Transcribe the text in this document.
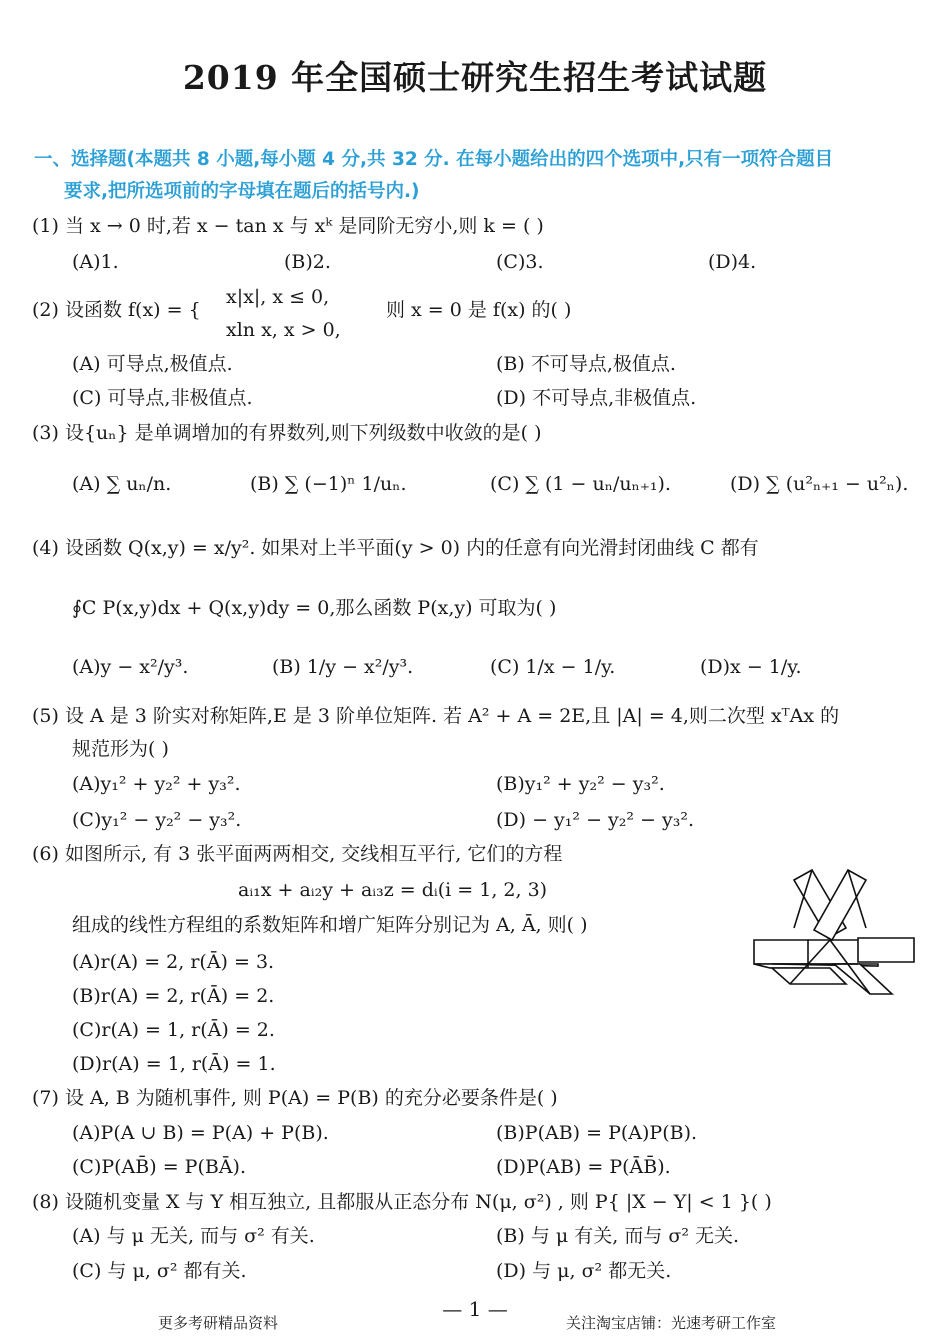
2019 年全国硕士研究生招生考试试题
一、选择题(本题共 8 小题,每小题 4 分,共 32 分. 在每小题给出的四个选项中,只有一项符合题目
要求,把所选项前的字母填在题后的括号内.)
(1) 当 x → 0 时,若 x − tan x 与 xᵏ 是同阶无穷小,则 k = ( )
(A)1.	(B)2.	(C)3.	(D)4.
(2) 设函数 f(x) = {
x|x|, x ≤ 0,
xln x, x > 0,
则 x = 0 是 f(x) 的( )
(A) 可导点,极值点.	(B) 不可导点,极值点.
(C) 可导点,非极值点.	(D) 不可导点,非极值点.
(3) 设{uₙ} 是单调增加的有界数列,则下列级数中收敛的是( )
(A) ∑ uₙ/n.	(B) ∑ (−1)ⁿ 1/uₙ.	(C) ∑ (1 − uₙ/uₙ₊₁).	(D) ∑ (u²ₙ₊₁ − u²ₙ).
(4) 设函数 Q(x,y) = x/y². 如果对上半平面(y > 0) 内的任意有向光滑封闭曲线 C 都有
∮C P(x,y)dx + Q(x,y)dy = 0,那么函数 P(x,y) 可取为( )
(A)y − x²/y³.	(B) 1/y − x²/y³.	(C) 1/x − 1/y.	(D)x − 1/y.
(5) 设 A 是 3 阶实对称矩阵,E 是 3 阶单位矩阵. 若 A² + A = 2E,且 |A| = 4,则二次型 xᵀAx 的
规范形为( )
(A)y₁² + y₂² + y₃².	(B)y₁² + y₂² − y₃².
(C)y₁² − y₂² − y₃².	(D) − y₁² − y₂² − y₃².
(6) 如图所示, 有 3 张平面两两相交, 交线相互平行, 它们的方程
aᵢ₁x + aᵢ₂y + aᵢ₃z = dᵢ(i = 1, 2, 3)
组成的线性方程组的系数矩阵和增广矩阵分别记为 A, Ā, 则( )
(A)r(A) = 2, r(Ā) = 3.
(B)r(A) = 2, r(Ā) = 2.
(C)r(A) = 1, r(Ā) = 2.
(D)r(A) = 1, r(Ā) = 1.
(7) 设 A, B 为随机事件, 则 P(A) = P(B) 的充分必要条件是( )
(A)P(A ∪ B) = P(A) + P(B).	(B)P(AB) = P(A)P(B).
(C)P(AB̄) = P(BĀ).	(D)P(AB) = P(ĀB̄).
(8) 设随机变量 X 与 Y 相互独立, 且都服从正态分布 N(μ, σ²) , 则 P{ |X − Y| < 1 }( )
(A) 与 μ 无关, 而与 σ² 有关.	(B) 与 μ 有关, 而与 σ² 无关.
(C) 与 μ, σ² 都有关.	(D) 与 μ, σ² 都无关.
— 1 —
更多考研精品资料	关注淘宝店铺：光速考研工作室
